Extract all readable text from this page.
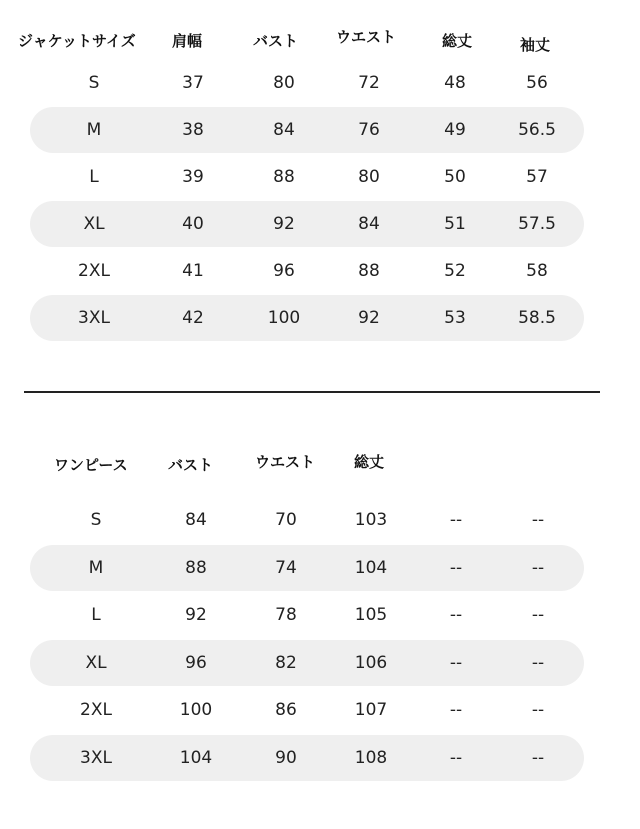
ジャケットサイズ 肩幅	バスト	ウエスト	総丈	袖丈
S	37	80	72	48	56
M	38	84	76	49	56.5
L	39	88	80	50	57
XL	40	92	84	51	57.5
2XL	41	96	88	52	58
3XL	42	100	92	53	58.5
ワンピース	バスト	ウエスト	総丈
S	84	70	103	--	--
M	88	74	104	--	--
L	92	78	105	--	--
XL	96	82	106	--	--
2XL	100	86	107	--	--
3XL	104	90	108	--	--
